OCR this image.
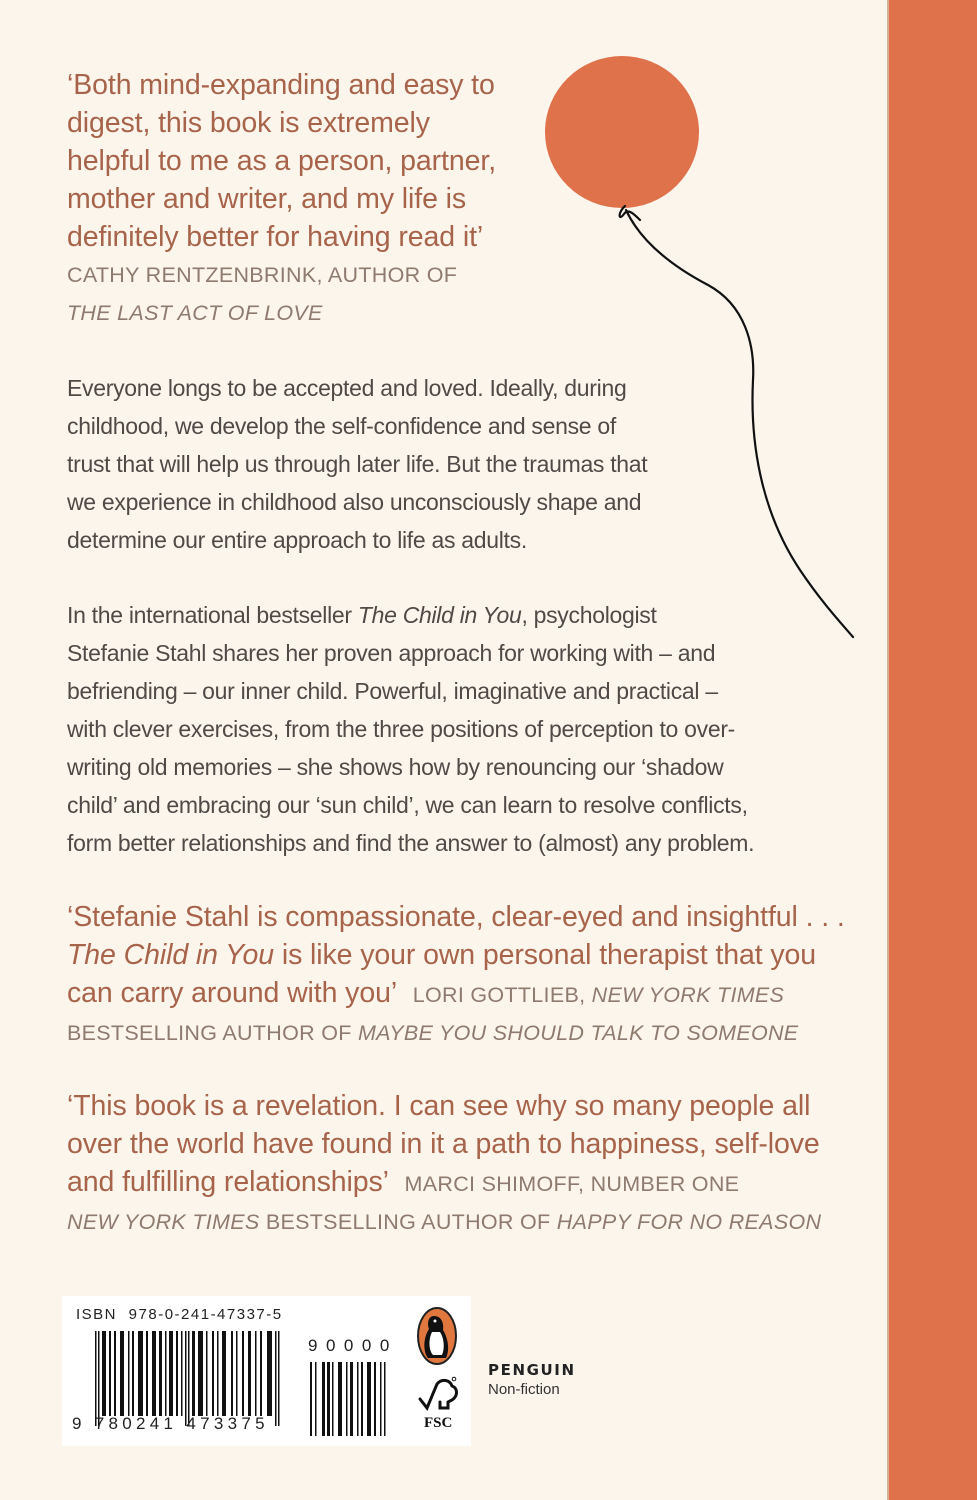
‘Both mind-expanding and easy to
digest, this book is extremely
helpful to me as a person, partner,
mother and writer, and my life is
definitely better for having read it’
CATHY RENTZENBRINK, AUTHOR OF
THE LAST ACT OF LOVE
Everyone longs to be accepted and loved. Ideally, during
childhood, we develop the self-confidence and sense of
trust that will help us through later life. But the traumas that
we experience in childhood also unconsciously shape and
determine our entire approach to life as adults.
In the international bestseller The Child in You, psychologist
Stefanie Stahl shares her proven approach for working with – and
befriending – our inner child. Powerful, imaginative and practical –
with clever exercises, from the three positions of perception to over-
writing old memories – she shows how by renouncing our ‘shadow
child’ and embracing our ‘sun child’, we can learn to resolve conflicts,
form better relationships and find the answer to (almost) any problem.
‘Stefanie Stahl is compassionate, clear-eyed and insightful . . .
The Child in You is like your own personal therapist that you
can carry around with you’ LORI GOTTLIEB, NEW YORK TIMES
BESTSELLING AUTHOR OF MAYBE YOU SHOULD TALK TO SOMEONE
‘This book is a revelation. I can see why so many people all
over the world have found in it a path to happiness, self-love
and fulfilling relationships’ MARCI SHIMOFF, NUMBER ONE
NEW YORK TIMES BESTSELLING AUTHOR OF HAPPY FOR NO REASON
ISBN 978-0-241-47337-5
FSC
90000
9 780241 473375
PENGUIN
Non-fiction
